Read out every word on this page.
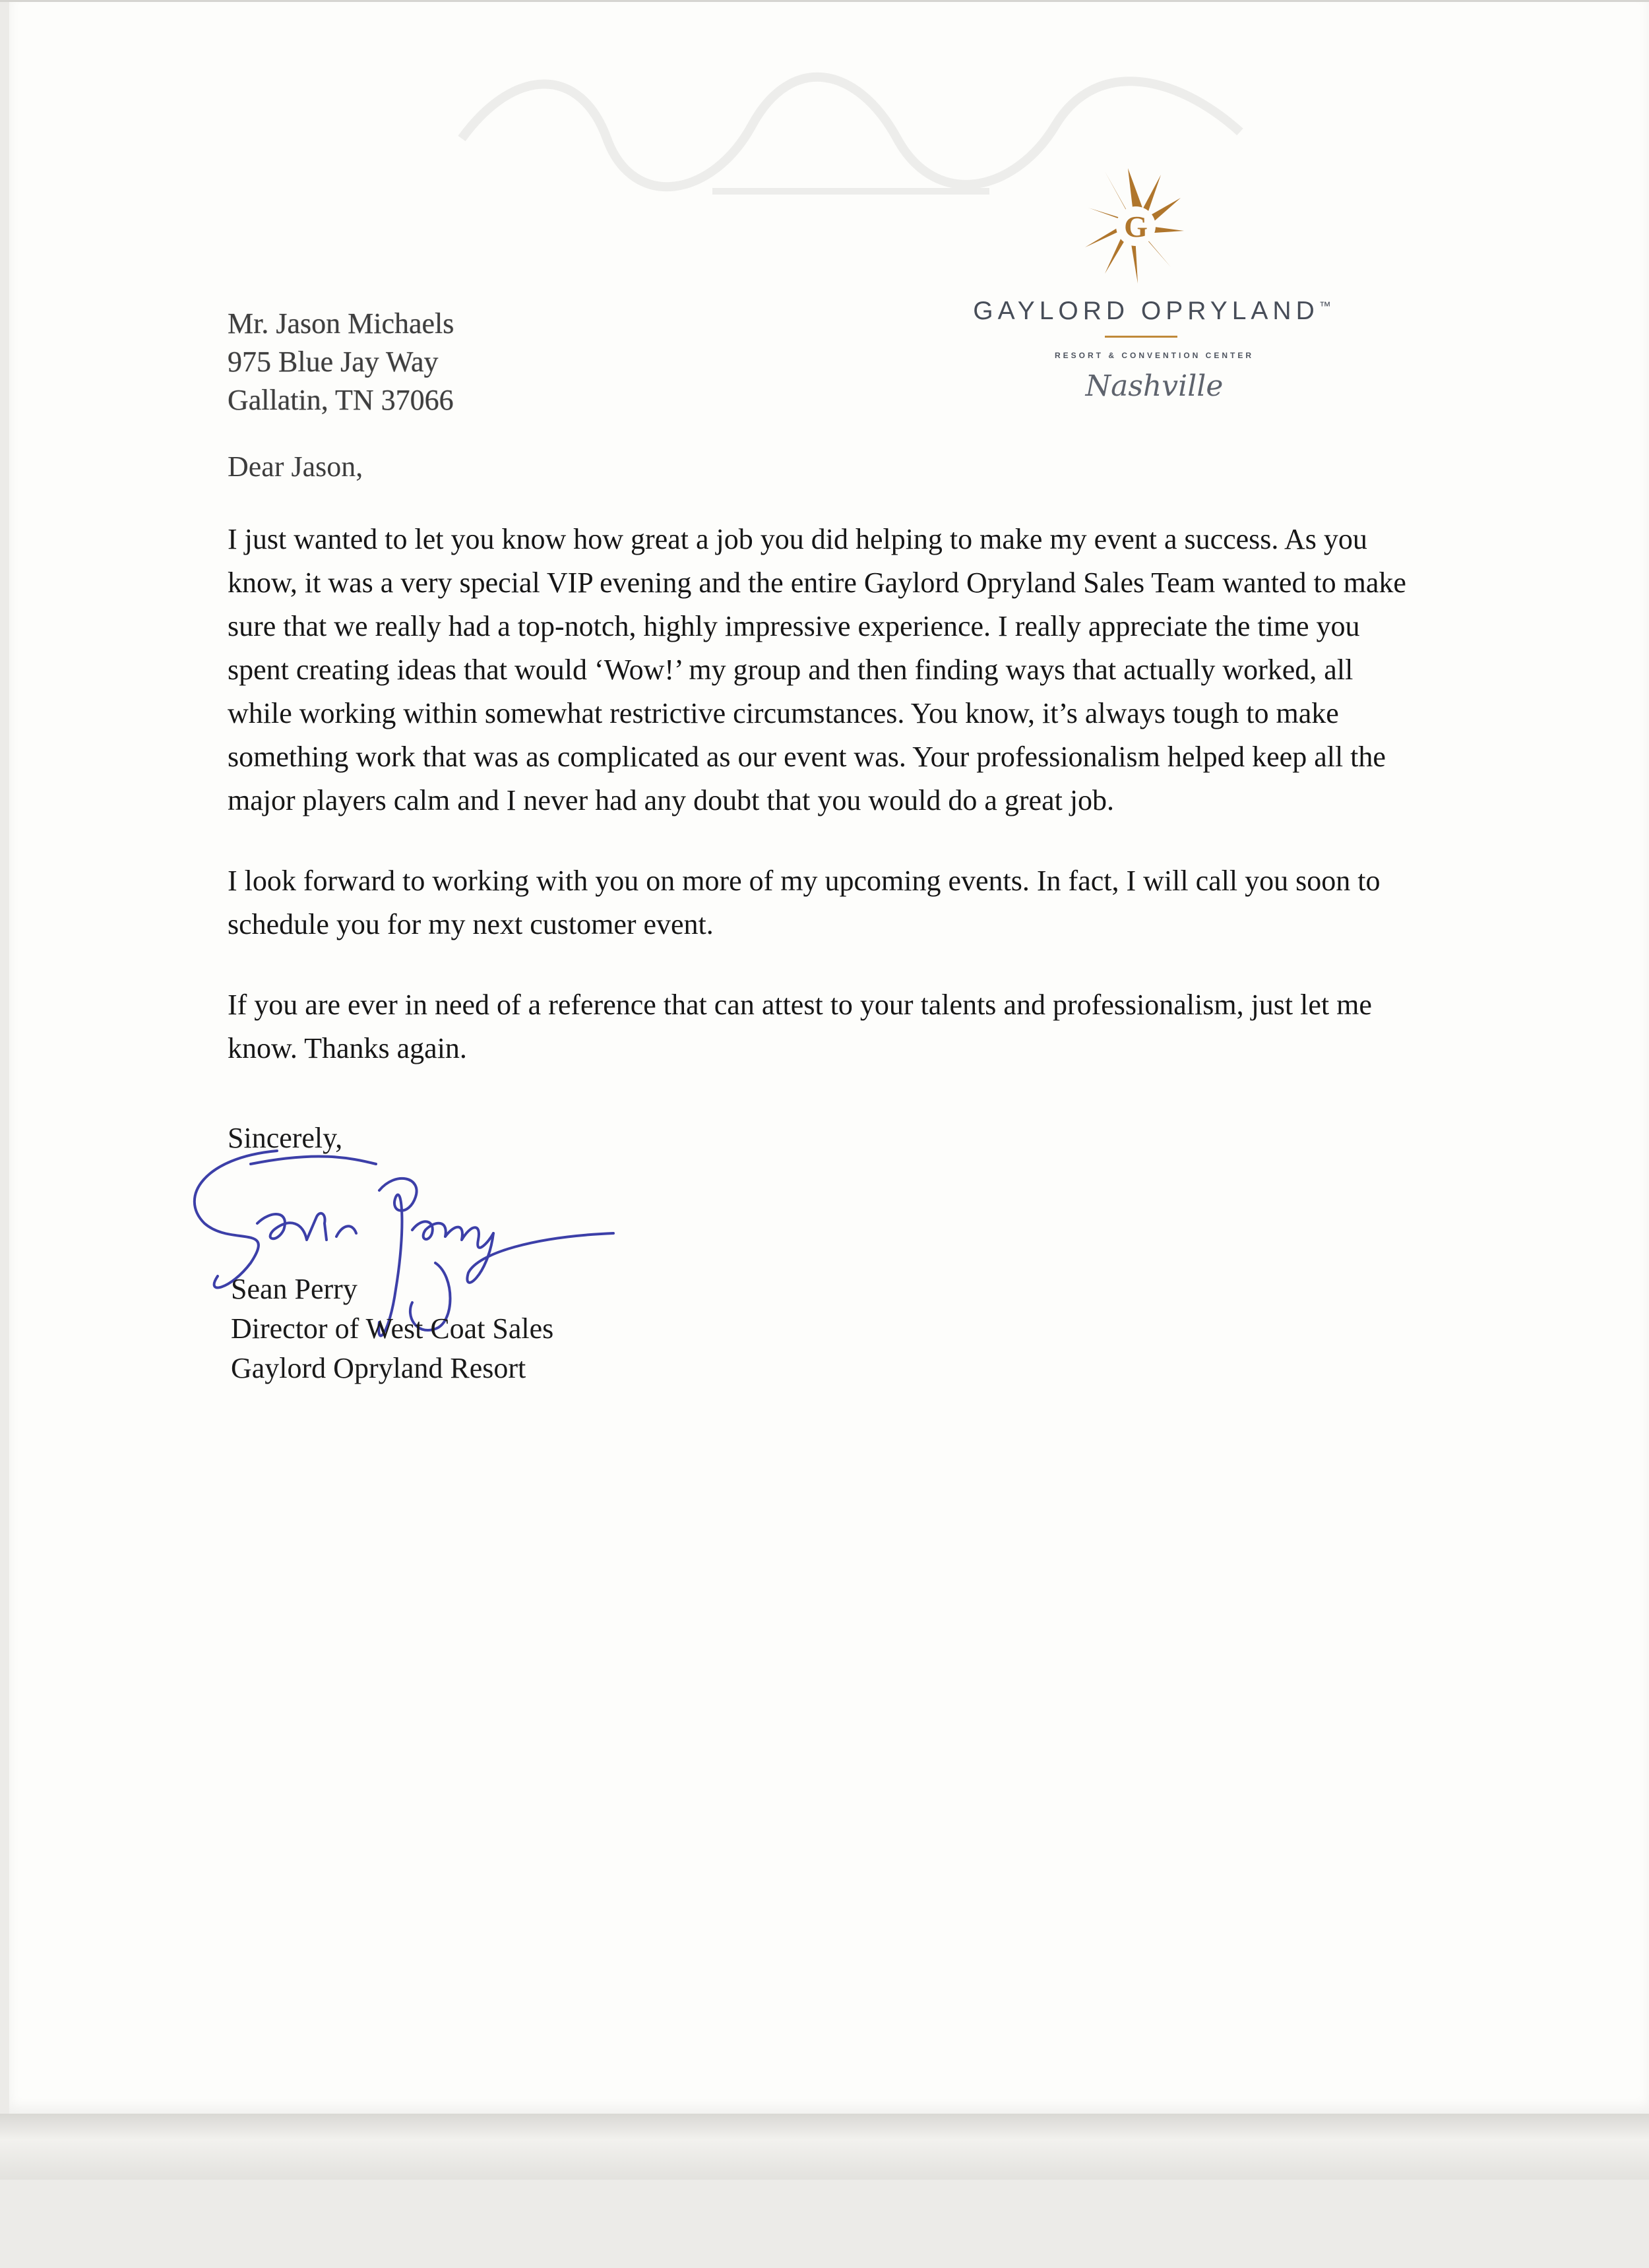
Mr. Jason Michaels
975 Blue Jay Way
Gallatin, TN 37066
G
GAYLORD OPRYLAND™
RESORT & CONVENTION CENTER
Nashville
Dear Jason,

I just wanted to let you know how great a job you did helping to make my event a success. As you know, it was a very special VIP evening and the entire Gaylord Opryland Sales Team wanted to make sure that we really had a top-notch, highly impressive experience. I really appreciate the time you spent creating ideas that would ‘Wow!’ my group and then finding ways that actually worked, all while working within somewhat restrictive circumstances. You know, it’s always tough to make something work that was as complicated as our event was. Your professionalism helped keep all the major players calm and I never had any doubt that you would do a great job.

I look forward to working with you on more of my upcoming events. In fact, I will call you soon to schedule you for my next customer event.

If you are ever in need of a reference that can attest to your talents and professionalism, just let me know. Thanks again.

Sincerely,
Sean Perry
Director of West Coat Sales
Gaylord Opryland Resort
